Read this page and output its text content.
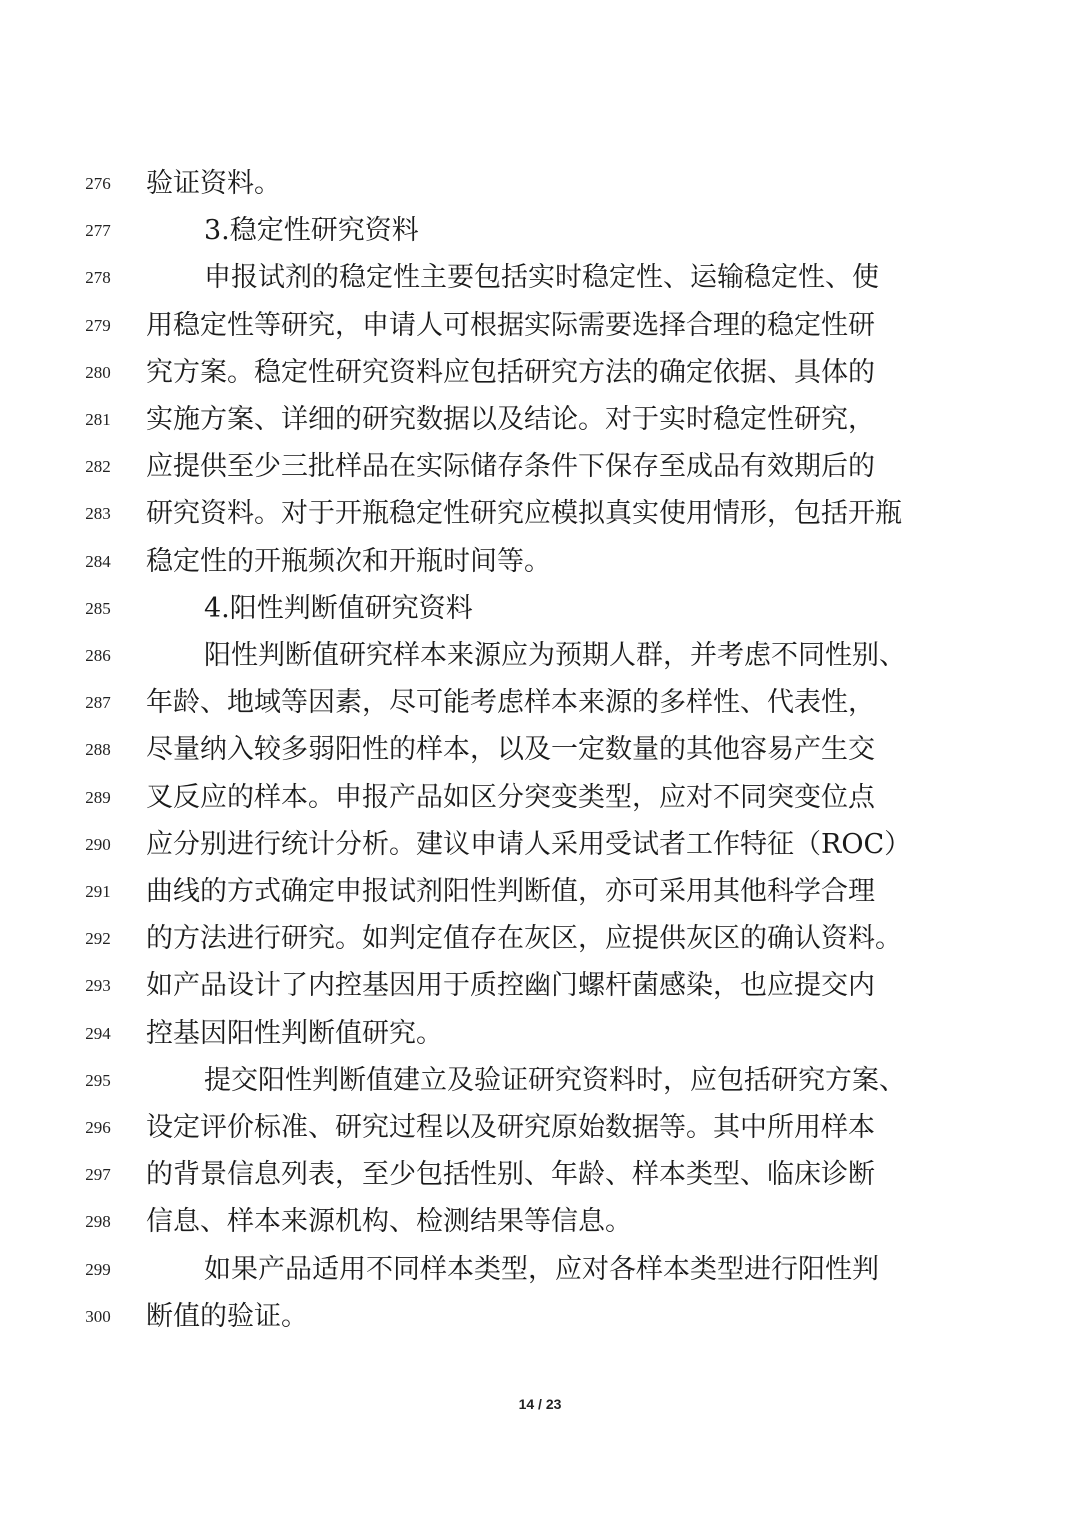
276	验证资料。
277	3.稳定性研究资料
278	申报试剂的稳定性主要包括实时稳定性、运输稳定性、使
279	用稳定性等研究，申请人可根据实际需要选择合理的稳定性研
280	究方案。稳定性研究资料应包括研究方法的确定依据、具体的
281	实施方案、详细的研究数据以及结论。对于实时稳定性研究，
282	应提供至少三批样品在实际储存条件下保存至成品有效期后的
283	研究资料。对于开瓶稳定性研究应模拟真实使用情形，包括开瓶
284	稳定性的开瓶频次和开瓶时间等。
285	4.阳性判断值研究资料
286	阳性判断值研究样本来源应为预期人群，并考虑不同性别、
287	年龄、地域等因素，尽可能考虑样本来源的多样性、代表性，
288	尽量纳入较多弱阳性的样本，以及一定数量的其他容易产生交
289	叉反应的样本。申报产品如区分突变类型，应对不同突变位点
290	应分别进行统计分析。建议申请人采用受试者工作特征（ROC）
291	曲线的方式确定申报试剂阳性判断值，亦可采用其他科学合理
292	的方法进行研究。如判定值存在灰区，应提供灰区的确认资料。
293	如产品设计了内控基因用于质控幽门螺杆菌感染，也应提交内
294	控基因阳性判断值研究。
295	提交阳性判断值建立及验证研究资料时，应包括研究方案、
296	设定评价标准、研究过程以及研究原始数据等。其中所用样本
297	的背景信息列表，至少包括性别、年龄、样本类型、临床诊断
298	信息、样本来源机构、检测结果等信息。
299	如果产品适用不同样本类型，应对各样本类型进行阳性判
300	断值的验证。
14 / 23
